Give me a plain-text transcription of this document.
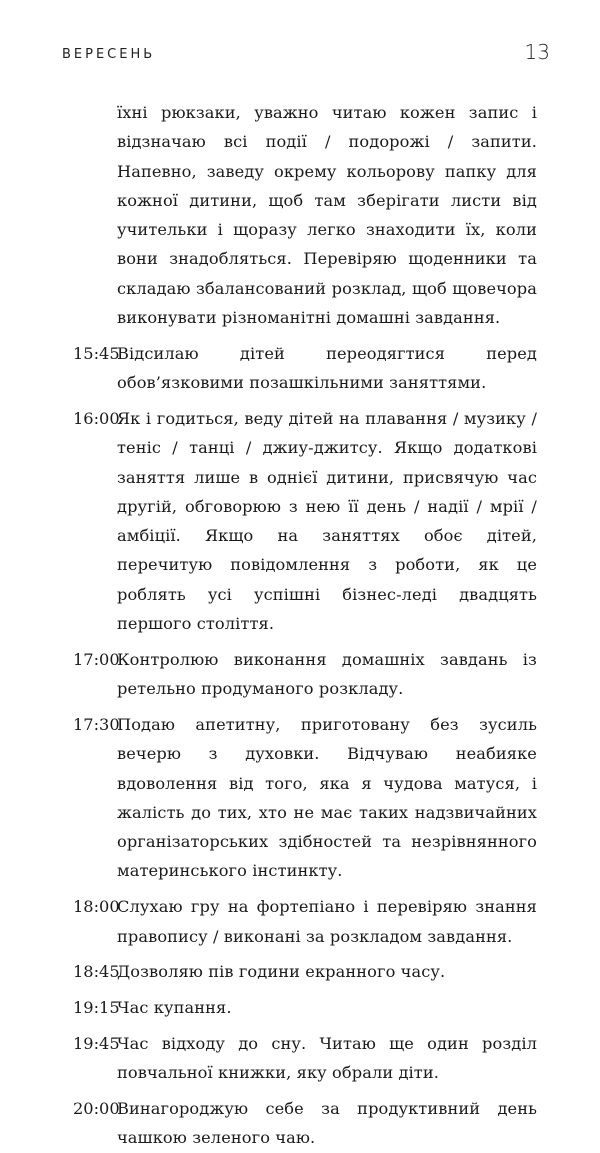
ВЕРЕСЕНЬ	13
їхні рюкзаки, уважно читаю кожен запис і відзначаю всі події / подорожі / запити. Напевно, заведу окрему кольорову папку для кожної дитини, щоб там зберігати листи від учительки і щоразу легко знаходити їх, коли вони знадобляться. Перевіряю щоденники та складаю збалансований розклад, щоб щовечора виконувати різноманітні домашні завдання.
15:45
Відсилаю дітей переодягтися перед обов’язковими позашкільними заняттями.
16:00
Як і годиться, веду дітей на плавання / музику / теніс / танці / джиу-джитсу. Якщо додаткові заняття лише в однієї дитини, присвячую час другій, обговорюю з нею її день / надії / мрії / амбіції. Якщо на заняттях обоє дітей, перечитую повідомлення з роботи, як це роблять усі успішні бізнес-леді двадцять першого століття.
17:00
Контролюю виконання домашніх завдань із ретельно продуманого розкладу.
17:30
Подаю апетитну, приготовану без зусиль вечерю з духовки. Відчуваю неабияке вдоволення від того, яка я чудова матуся, і жалість до тих, хто не має таких надзвичайних організаторських здібностей та незрівнянного материнського інстинкту.
18:00
Слухаю гру на фортепіано і перевіряю знання правопису / виконані за розкладом завдання.
18:45
Дозволяю пів години екранного часу.
19:15
Час купання.
19:45
Час відходу до сну. Читаю ще один розділ повчальної книжки, яку обрали діти.
20:00
Винагороджую себе за продуктивний день чашкою зеленого чаю.
